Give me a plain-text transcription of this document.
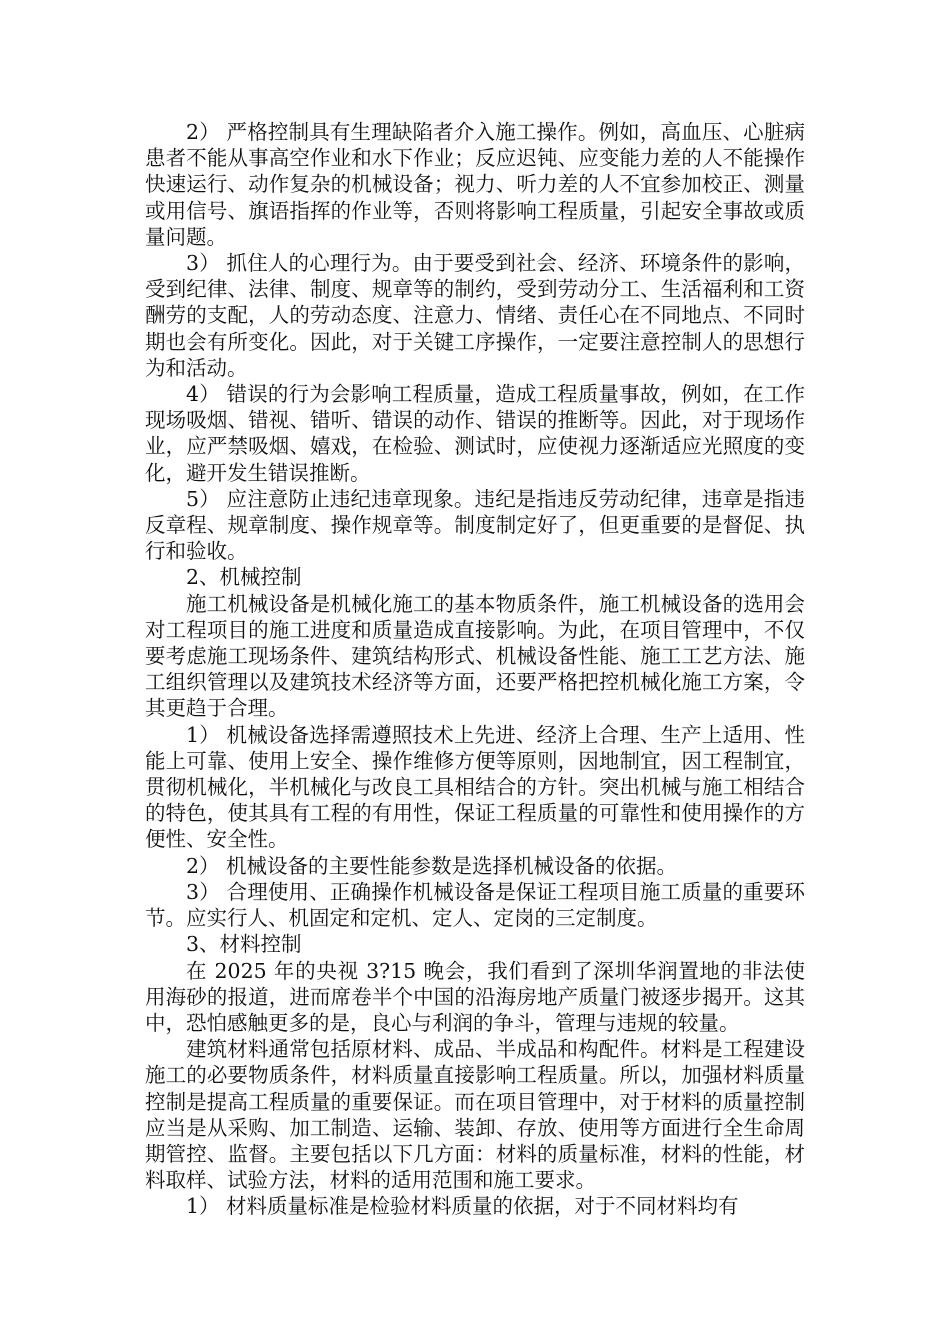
2） 严格控制具有生理缺陷者介入施工操作。例如，高血压、心脏病患者不能从事高空作业和水下作业；反应迟钝、应变能力差的人不能操作快速运行、动作复杂的机械设备；视力、听力差的人不宜参加校正、测量或用信号、旗语指挥的作业等，否则将影响工程质量，引起安全事故或质量问题。

3） 抓住人的心理行为。由于要受到社会、经济、环境条件的影响，受到纪律、法律、制度、规章等的制约，受到劳动分工、生活福利和工资酬劳的支配，人的劳动态度、注意力、情绪、责任心在不同地点、不同时期也会有所变化。因此，对于关键工序操作，一定要注意控制人的思想行为和活动。

4） 错误的行为会影响工程质量，造成工程质量事故，例如，在工作现场吸烟、错视、错听、错误的动作、错误的推断等。因此，对于现场作业，应严禁吸烟、嬉戏，在检验、测试时，应使视力逐渐适应光照度的变化，避开发生错误推断。

5） 应注意防止违纪违章现象。违纪是指违反劳动纪律，违章是指违反章程、规章制度、操作规章等。制度制定好了，但更重要的是督促、执行和验收。

2、机械控制

施工机械设备是机械化施工的基本物质条件，施工机械设备的选用会对工程项目的施工进度和质量造成直接影响。为此，在项目管理中，不仅要考虑施工现场条件、建筑结构形式、机械设备性能、施工工艺方法、施工组织管理以及建筑技术经济等方面，还要严格把控机械化施工方案，令其更趋于合理。

1） 机械设备选择需遵照技术上先进、经济上合理、生产上适用、性能上可靠、使用上安全、操作维修方便等原则，因地制宜，因工程制宜，贯彻机械化，半机械化与改良工具相结合的方针。突出机械与施工相结合的特色，使其具有工程的有用性，保证工程质量的可靠性和使用操作的方便性、安全性。

2） 机械设备的主要性能参数是选择机械设备的依据。

3） 合理使用、正确操作机械设备是保证工程项目施工质量的重要环节。应实行人、机固定和定机、定人、定岗的三定制度。

3、材料控制

在 2025 年的央视 3?15 晚会，我们看到了深圳华润置地的非法使用海砂的报道，进而席卷半个中国的沿海房地产质量门被逐步揭开。这其中，恐怕感触更多的是，良心与利润的争斗，管理与违规的较量。

建筑材料通常包括原材料、成品、半成品和构配件。材料是工程建设施工的必要物质条件，材料质量直接影响工程质量。所以，加强材料质量控制是提高工程质量的重要保证。而在项目管理中，对于材料的质量控制应当是从采购、加工制造、运输、装卸、存放、使用等方面进行全生命周期管控、监督。主要包括以下几方面：材料的质量标准，材料的性能，材料取样、试验方法，材料的适用范围和施工要求。

1） 材料质量标准是检验材料质量的依据，对于不同材料均有
